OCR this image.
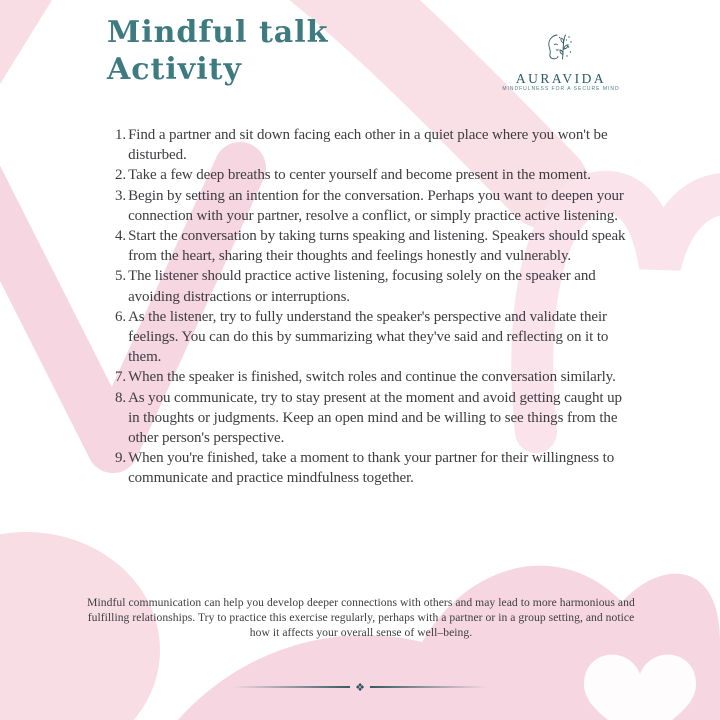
Mindful talk
Activity	AURAVIDA
MINDFULNESS FOR A SECURE MIND
1. Find a partner and sit down facing each other in a quiet place where you won't be disturbed.
2. Take a few deep breaths to center yourself and become present in the moment.
3. Begin by setting an intention for the conversation. Perhaps you want to deepen your connection with your partner, resolve a conflict, or simply practice active listening.
4. Start the conversation by taking turns speaking and listening. Speakers should speak from the heart, sharing their thoughts and feelings honestly and vulnerably.
5. The listener should practice active listening, focusing solely on the speaker and avoiding distractions or interruptions.
6. As the listener, try to fully understand the speaker's perspective and validate their feelings. You can do this by summarizing what they've said and reflecting on it to them.
7. When the speaker is finished, switch roles and continue the conversation similarly.
8. As you communicate, try to stay present at the moment and avoid getting caught up in thoughts or judgments. Keep an open mind and be willing to see things from the other person's perspective.
9. When you're finished, take a moment to thank your partner for their willingness to communicate and practice mindfulness together.
Mindful communication can help you develop deeper connections with others and may lead to more harmonious and fulfilling relationships. Try to practice this exercise regularly, perhaps with a partner or in a group setting, and notice how it affects your overall sense of well–being.
❖
